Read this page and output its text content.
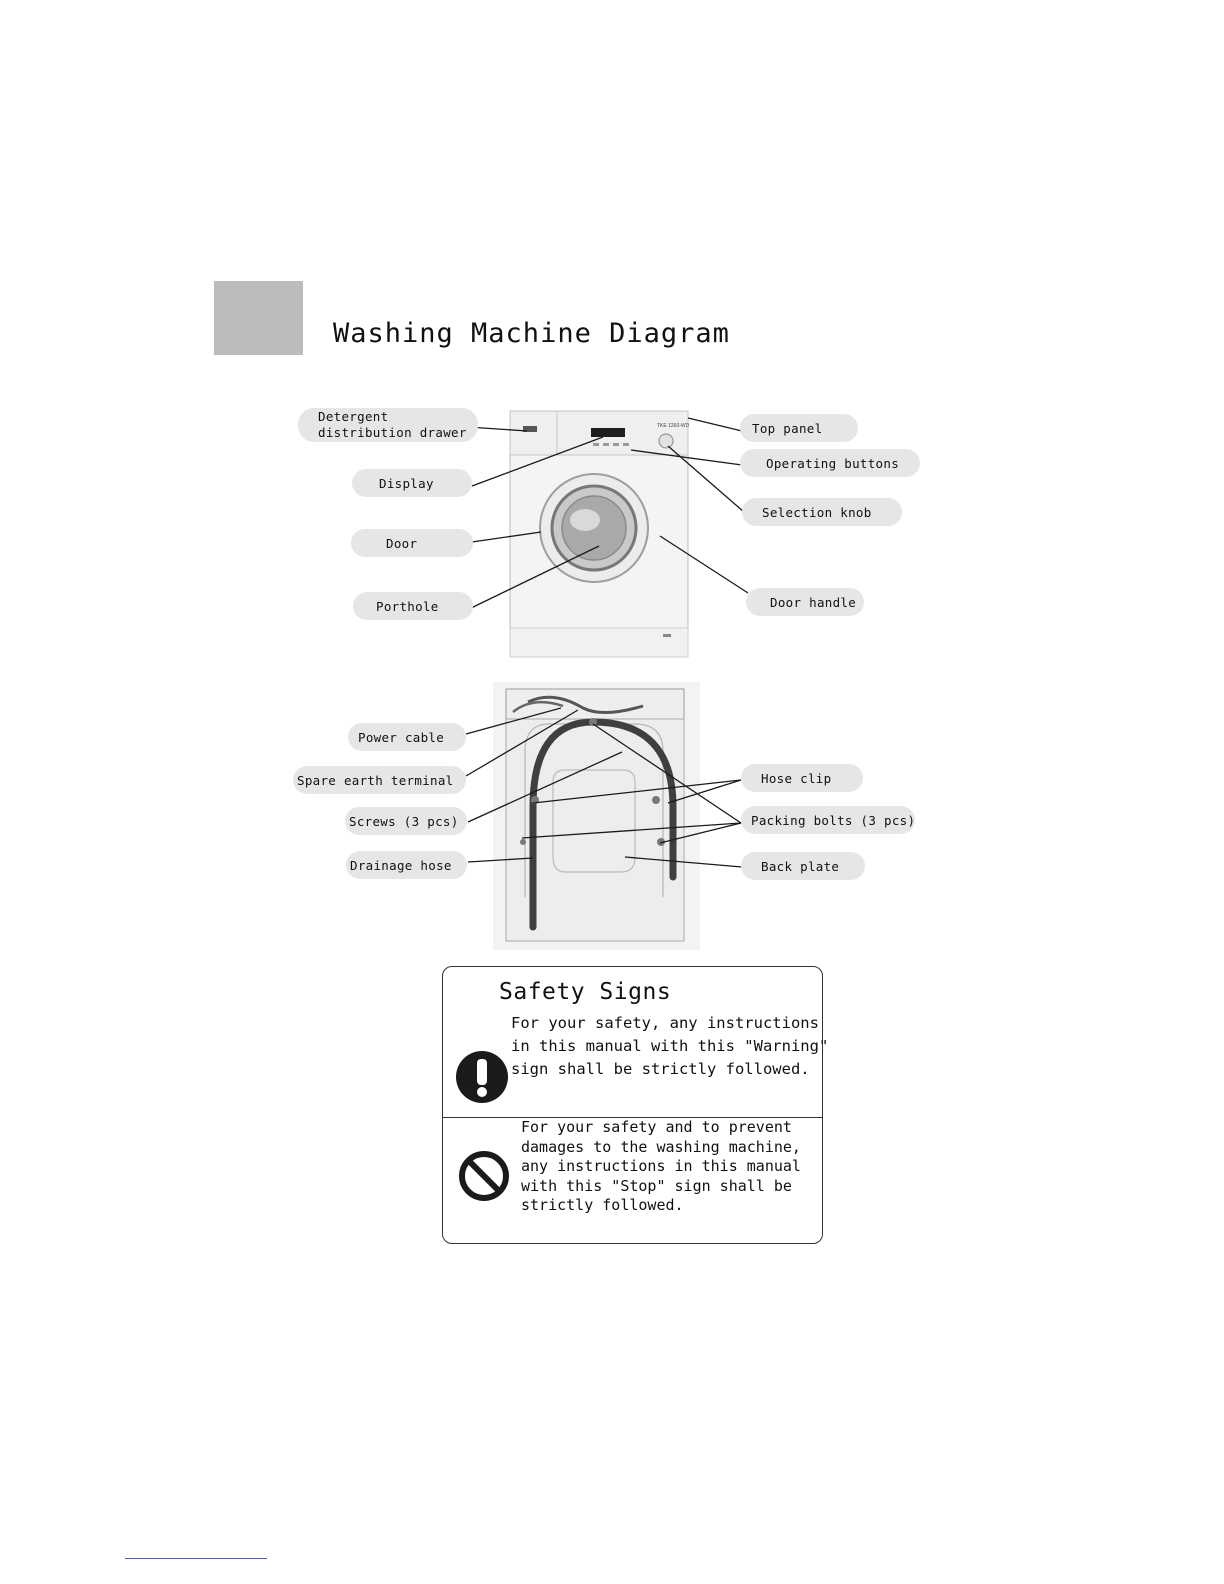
Washing Machine Diagram
TKE 1260-WD
Detergent
distribution drawer
Display
Door
Porthole
Top panel
Operating buttons
Selection knob
Door handle
Power cable
Spare earth terminal
Screws (3 pcs)
Drainage hose
Hose clip
Packing bolts (3 pcs)
Back plate
Safety Signs
For your safety, any instructions
in this manual with this "Warning"
sign shall be strictly followed.
For your safety and to prevent
damages to the washing machine,
any instructions in this manual
with this "Stop" sign shall be
strictly followed.
